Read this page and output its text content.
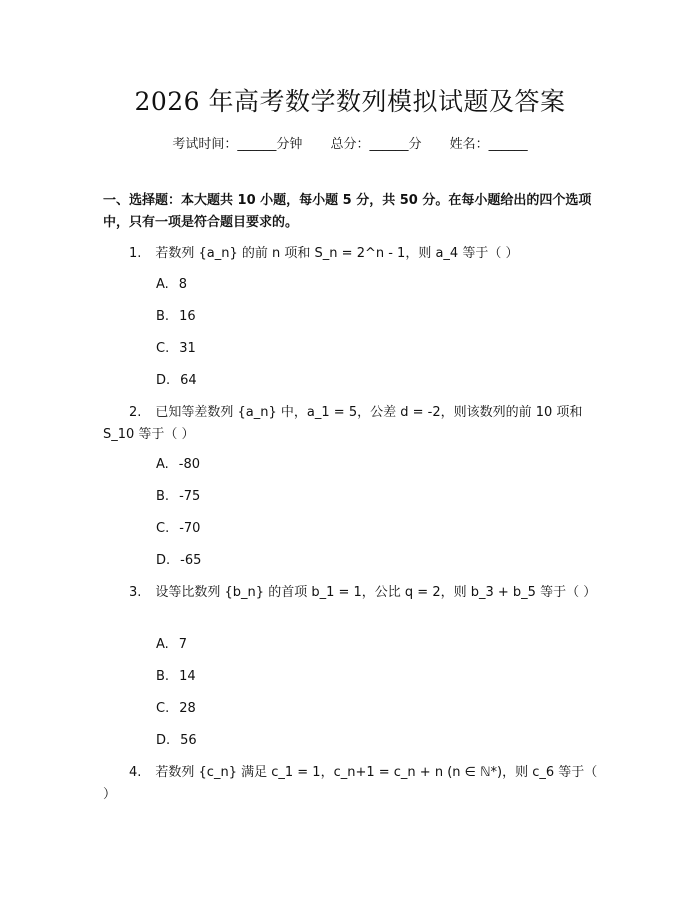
2026 年高考数学数列模拟试题及答案
考试时间：______分钟 总分：______分 姓名：______
一、选择题：本大题共 10 小题，每小题 5 分，共 50 分。在每小题给出的四个选项中，只有一项是符合题目要求的。
1. 若数列 {a_n} 的前 n 项和 S_n = 2^n - 1，则 a_4 等于（ ）
A. 8
B. 16
C. 31
D. 64
2. 已知等差数列 {a_n} 中，a_1 = 5，公差 d = -2，则该数列的前 10 项和 S_10 等于（ ）
A. -80
B. -75
C. -70
D. -65
3. 设等比数列 {b_n} 的首项 b_1 = 1，公比 q = 2，则 b_3 + b_5 等于（ ）
A. 7
B. 14
C. 28
D. 56
4. 若数列 {c_n} 满足 c_1 = 1，c_n+1 = c_n + n (n ∈ ℕ*)，则 c_6 等于（ ）
